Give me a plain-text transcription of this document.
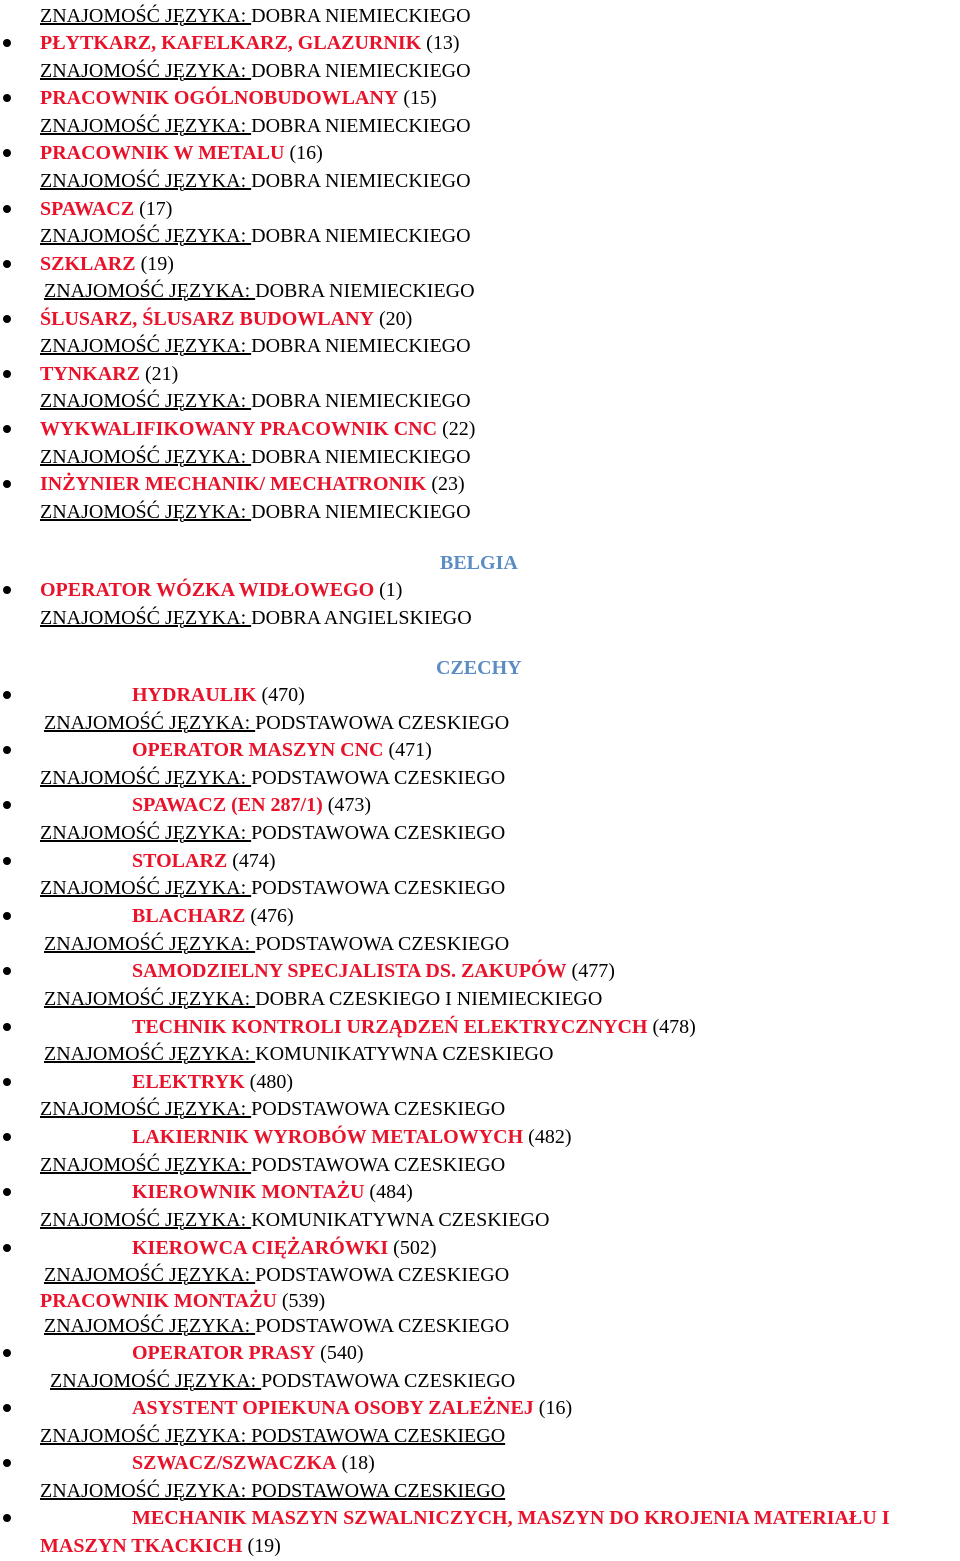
ZNAJOMOŚĆ JĘZYKA: DOBRA NIEMIECKIEGO
PŁYTKARZ, KAFELKARZ, GLAZURNIK (13)
ZNAJOMOŚĆ JĘZYKA: DOBRA NIEMIECKIEGO
PRACOWNIK OGÓLNOBUDOWLANY (15)
ZNAJOMOŚĆ JĘZYKA: DOBRA NIEMIECKIEGO
PRACOWNIK W METALU (16)
ZNAJOMOŚĆ JĘZYKA: DOBRA NIEMIECKIEGO
SPAWACZ (17)
ZNAJOMOŚĆ JĘZYKA: DOBRA NIEMIECKIEGO
SZKLARZ (19)
ZNAJOMOŚĆ JĘZYKA: DOBRA NIEMIECKIEGO
ŚLUSARZ, ŚLUSARZ BUDOWLANY (20)
ZNAJOMOŚĆ JĘZYKA: DOBRA NIEMIECKIEGO
TYNKARZ (21)
ZNAJOMOŚĆ JĘZYKA: DOBRA NIEMIECKIEGO
WYKWALIFIKOWANY PRACOWNIK CNC (22)
ZNAJOMOŚĆ JĘZYKA: DOBRA NIEMIECKIEGO
INŻYNIER MECHANIK/ MECHATRONIK (23)
ZNAJOMOŚĆ JĘZYKA: DOBRA NIEMIECKIEGO
BELGIA
OPERATOR WÓZKA WIDŁOWEGO (1)
ZNAJOMOŚĆ JĘZYKA: DOBRA ANGIELSKIEGO
CZECHY
HYDRAULIK (470)
ZNAJOMOŚĆ JĘZYKA: PODSTAWOWA CZESKIEGO
OPERATOR MASZYN CNC (471)
ZNAJOMOŚĆ JĘZYKA: PODSTAWOWA CZESKIEGO
SPAWACZ (EN 287/1) (473)
ZNAJOMOŚĆ JĘZYKA: PODSTAWOWA CZESKIEGO
STOLARZ (474)
ZNAJOMOŚĆ JĘZYKA: PODSTAWOWA CZESKIEGO
BLACHARZ (476)
ZNAJOMOŚĆ JĘZYKA: PODSTAWOWA CZESKIEGO
SAMODZIELNY SPECJALISTA DS. ZAKUPÓW (477)
ZNAJOMOŚĆ JĘZYKA: DOBRA CZESKIEGO I NIEMIECKIEGO
TECHNIK KONTROLI URZĄDZEŃ ELEKTRYCZNYCH (478)
ZNAJOMOŚĆ JĘZYKA: KOMUNIKATYWNA CZESKIEGO
ELEKTRYK (480)
ZNAJOMOŚĆ JĘZYKA: PODSTAWOWA CZESKIEGO
LAKIERNIK WYROBÓW METALOWYCH (482)
ZNAJOMOŚĆ JĘZYKA: PODSTAWOWA CZESKIEGO
KIEROWNIK MONTAŻU (484)
ZNAJOMOŚĆ JĘZYKA: KOMUNIKATYWNA CZESKIEGO
KIEROWCA CIĘŻARÓWKI (502)
ZNAJOMOŚĆ JĘZYKA: PODSTAWOWA CZESKIEGO
PRACOWNIK MONTAŻU (539)
ZNAJOMOŚĆ JĘZYKA: PODSTAWOWA CZESKIEGO
OPERATOR PRASY (540)
ZNAJOMOŚĆ JĘZYKA: PODSTAWOWA CZESKIEGO
ASYSTENT OPIEKUNA OSOBY ZALEŻNEJ (16)
ZNAJOMOŚĆ JĘZYKA: PODSTAWOWA CZESKIEGO
SZWACZ/SZWACZKA (18)
ZNAJOMOŚĆ JĘZYKA: PODSTAWOWA CZESKIEGO
MECHANIK MASZYN SZWALNICZYCH, MASZYN DO KROJENIA MATERIAŁU I
MASZYN TKACKICH (19)
